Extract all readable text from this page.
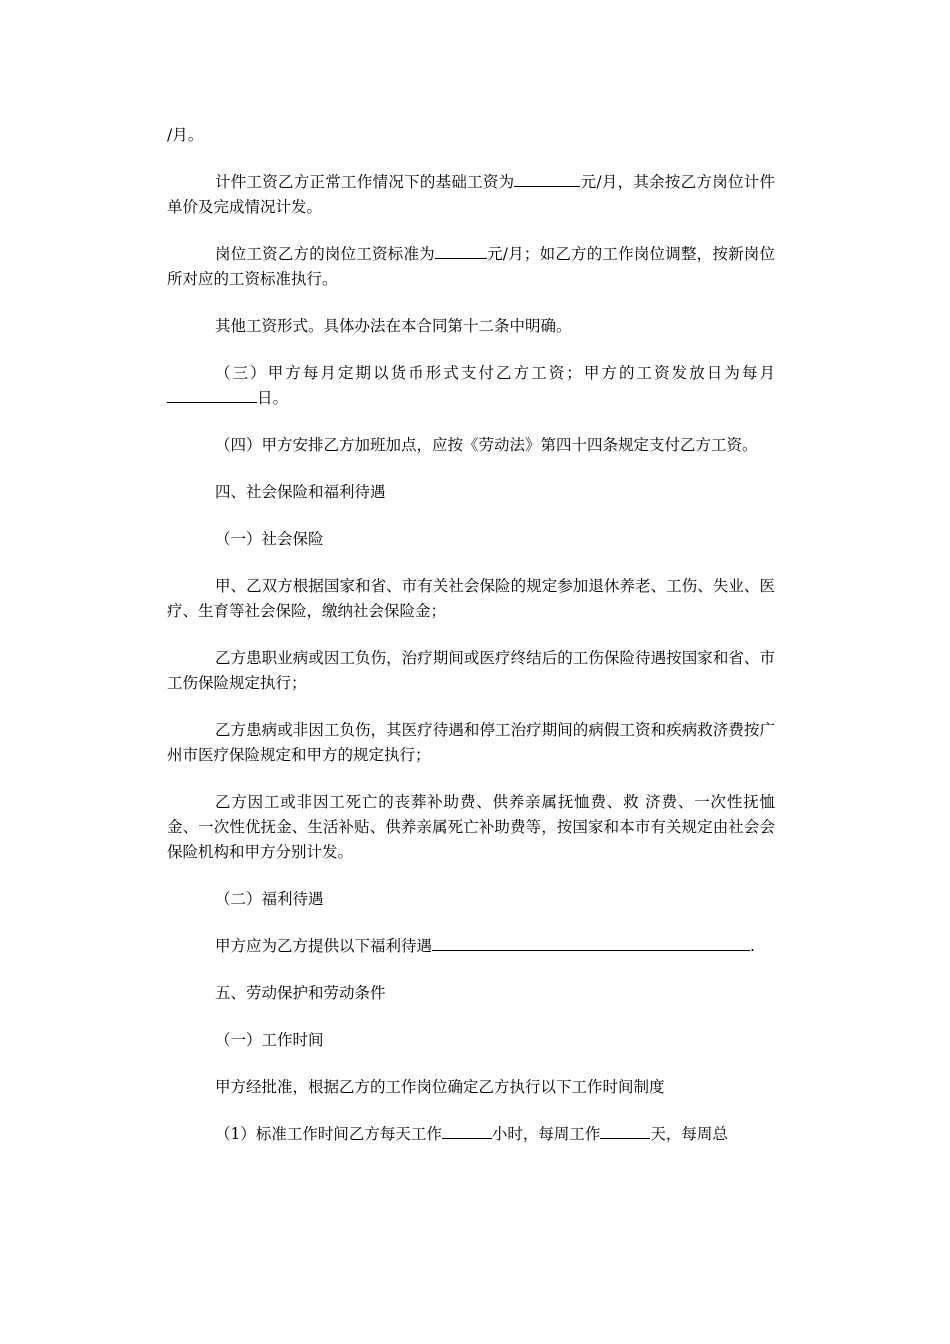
/月。

计件工资乙方正常工作情况下的基础工资为	元/月，其余按乙方岗位计件单价及完成情况计发。

岗位工资乙方的岗位工资标准为	元/月；如乙方的工作岗位调整，按新岗位所对应的工资标准执行。

其他工资形式。具体办法在本合同第十二条中明确。

（三）甲方每月定期以货币形式支付乙方工资；甲方的工资发放日为每月日。

（四）甲方安排乙方加班加点，应按《劳动法》第四十四条规定支付乙方工资。

四、社会保险和福利待遇

（一）社会保险

甲、乙双方根据国家和省、市有关社会保险的规定参加退休养老、工伤、失业、医疗、生育等社会保险，缴纳社会保险金；

乙方患职业病或因工负伤，治疗期间或医疗终结后的工伤保险待遇按国家和省、市工伤保险规定执行；

乙方患病或非因工负伤，其医疗待遇和停工治疗期间的病假工资和疾病救济费按广州市医疗保险规定和甲方的规定执行；

乙方因工或非因工死亡的丧葬补助费、供养亲属抚恤费、救 济费、一次性抚恤金、一次性优抚金、生活补贴、供养亲属死亡补助费等，按国家和本市有关规定由社会会保险机构和甲方分别计发。

（二）福利待遇

甲方应为乙方提供以下福利待遇	.

五、劳动保护和劳动条件

（一）工作时间

甲方经批准，根据乙方的工作岗位确定乙方执行以下工作时间制度

（1）标准工作时间乙方每天工作	小时，每周工作	天，每周总
